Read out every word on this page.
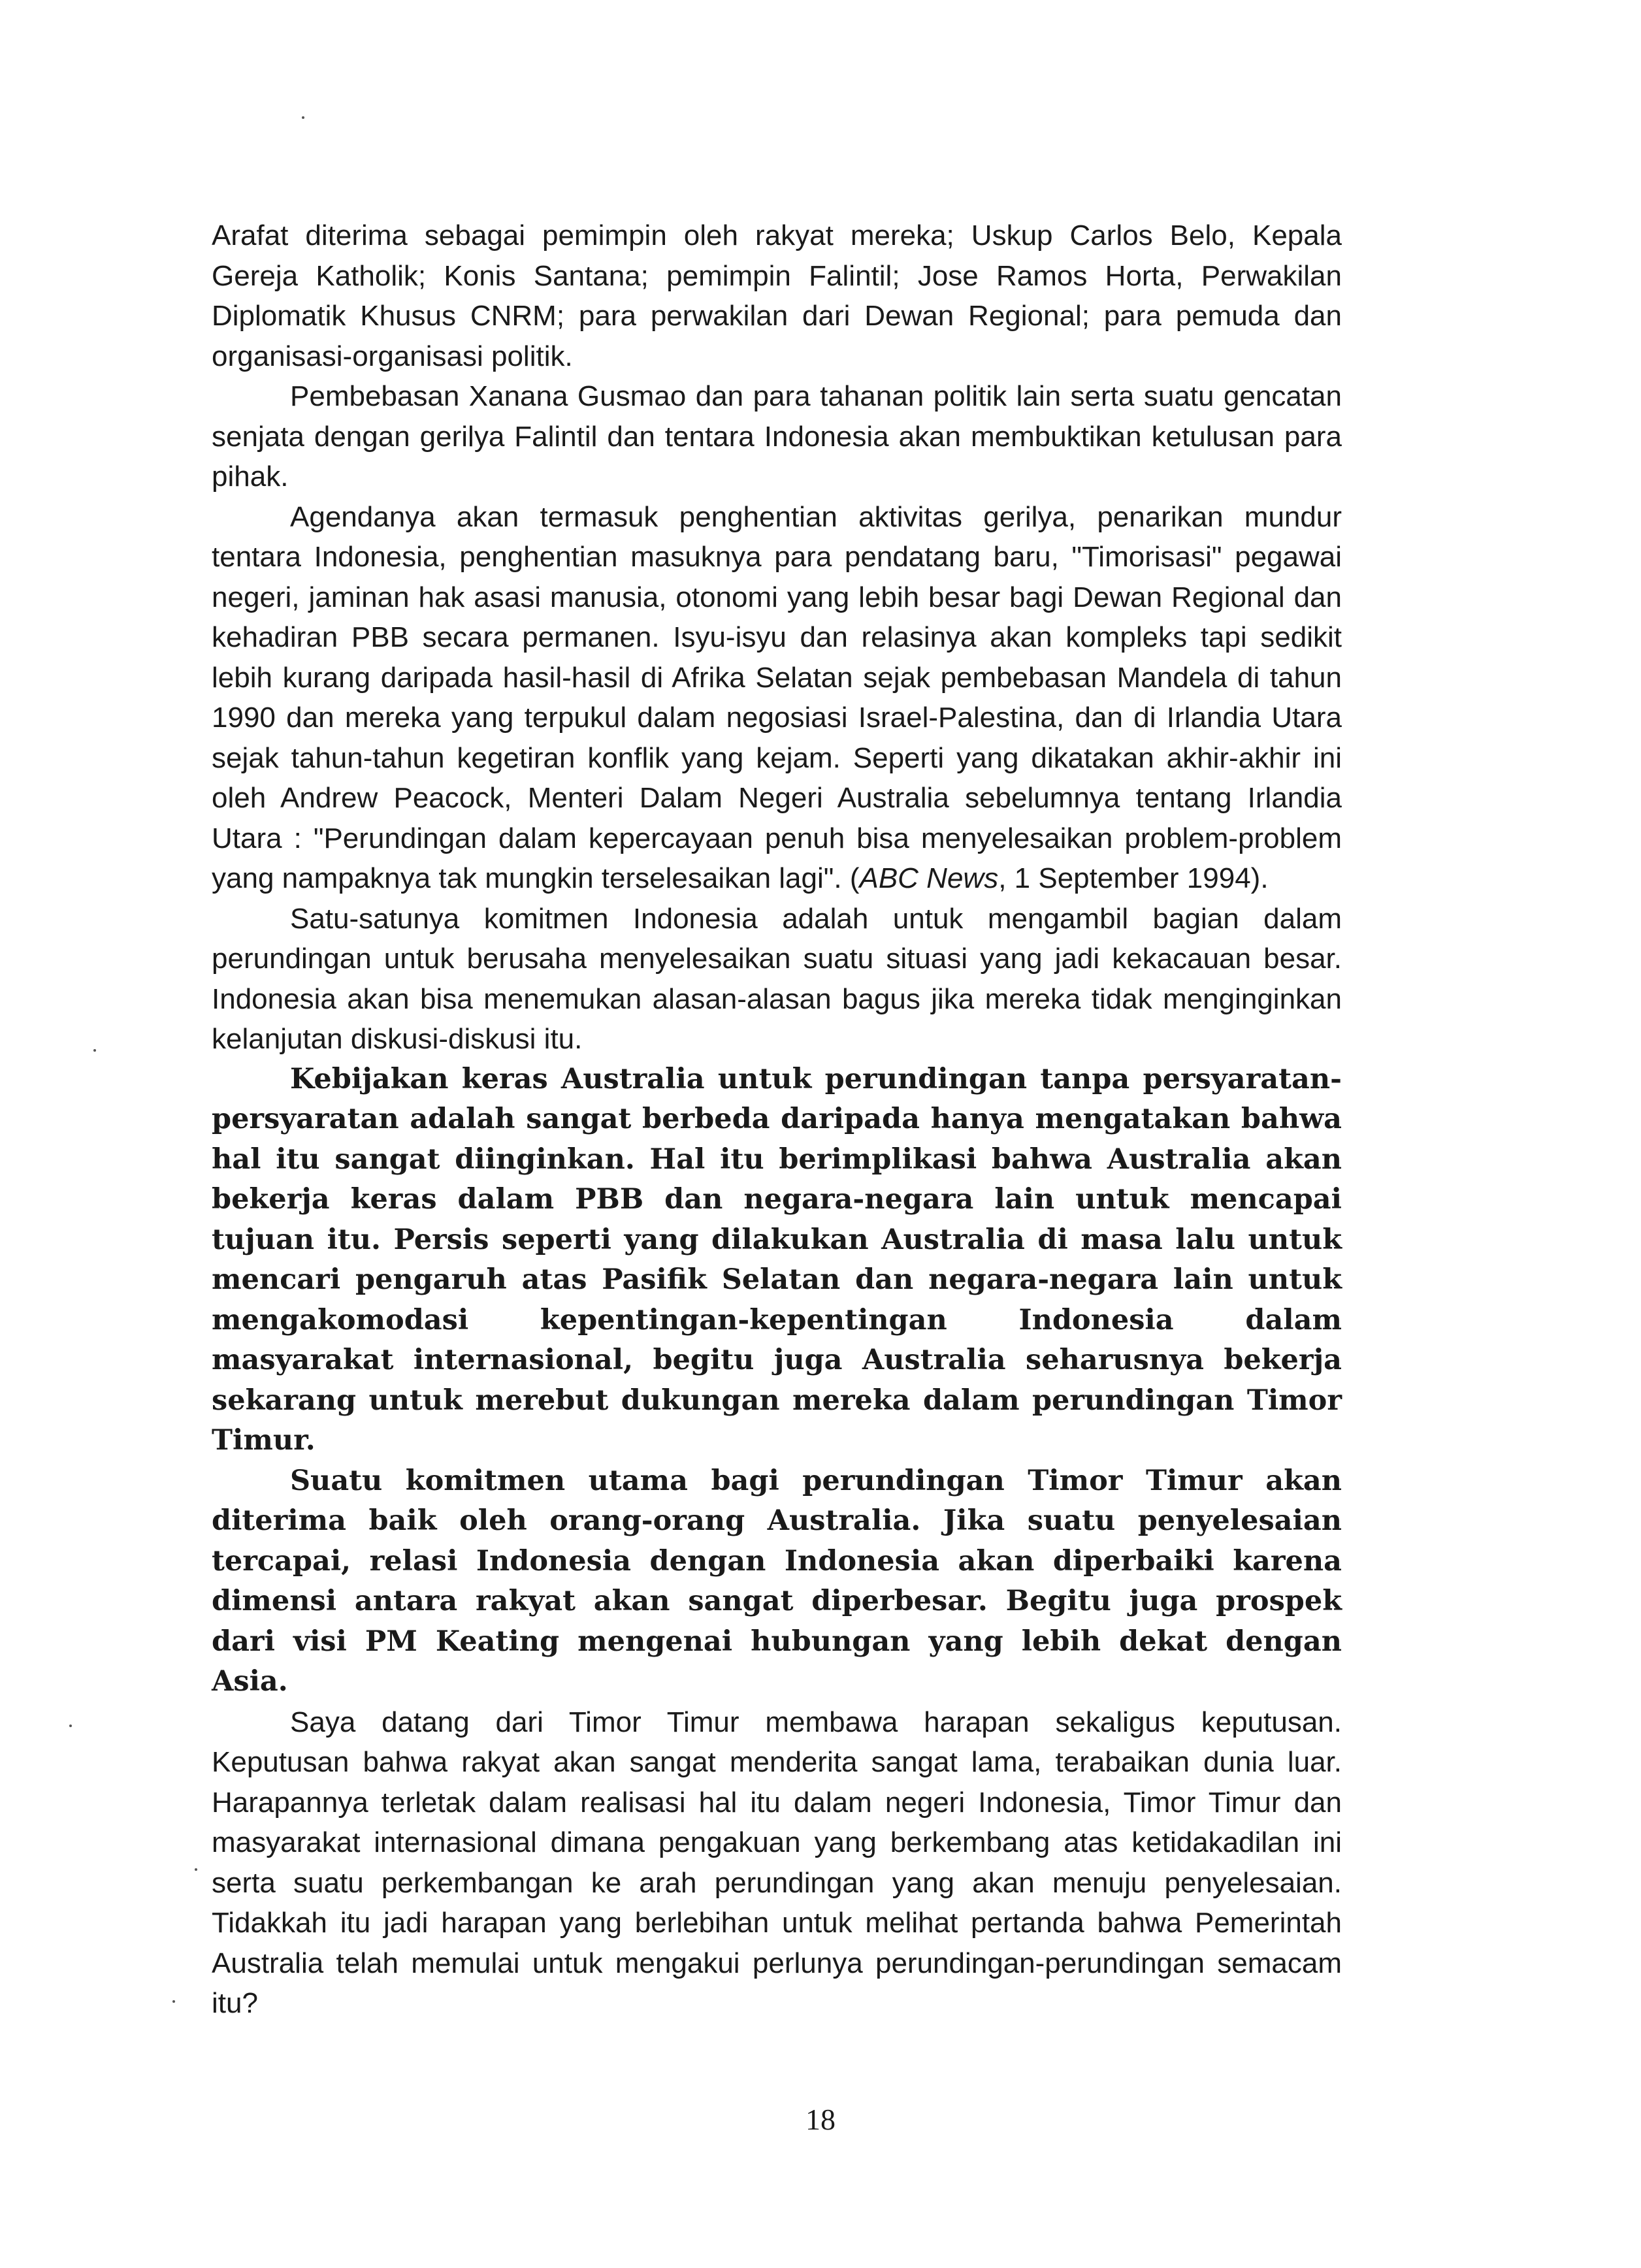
Arafat diterima sebagai pemimpin oleh rakyat mereka; Uskup Carlos Belo, Kepala Gereja Katholik; Konis Santana; pemimpin Falintil; Jose Ramos Horta, Perwakilan Diplomatik Khusus CNRM; para perwakilan dari Dewan Regional; para pemuda dan organisasi-organisasi politik.

Pembebasan Xanana Gusmao dan para tahanan politik lain serta suatu gencatan senjata dengan gerilya Falintil dan tentara Indonesia akan membuktikan ketulusan para pihak.

Agendanya akan termasuk penghentian aktivitas gerilya, penarikan mundur tentara Indonesia, penghentian masuknya para pendatang baru, "Timorisasi" pegawai negeri, jaminan hak asasi manusia, otonomi yang lebih besar bagi Dewan Regional dan kehadiran PBB secara permanen. Isyu-isyu dan relasinya akan kompleks tapi sedikit lebih kurang daripada hasil-hasil di Afrika Selatan sejak pembebasan Mandela di tahun 1990 dan mereka yang terpukul dalam negosiasi Israel-Palestina, dan di Irlandia Utara sejak tahun-tahun kegetiran konflik yang kejam. Seperti yang dikatakan akhir-akhir ini oleh Andrew Peacock, Menteri Dalam Negeri Australia sebelumnya tentang Irlandia Utara : "Perundingan dalam kepercayaan penuh bisa menyelesaikan problem-problem yang nampaknya tak mungkin terselesaikan lagi". (ABC News, 1 September 1994).

Satu-satunya komitmen Indonesia adalah untuk mengambil bagian dalam perundingan untuk berusaha menyelesaikan suatu situasi yang jadi kekacauan besar. Indonesia akan bisa menemukan alasan-alasan bagus jika mereka tidak menginginkan kelanjutan diskusi-diskusi itu.

Kebijakan keras Australia untuk perundingan tanpa persyaratan-persyaratan adalah sangat berbeda daripada hanya mengatakan bahwa hal itu sangat diinginkan. Hal itu berimplikasi bahwa Australia akan bekerja keras dalam PBB dan negara-negara lain untuk mencapai tujuan itu. Persis seperti yang dilakukan Australia di masa lalu untuk mencari pengaruh atas Pasifik Selatan dan negara-negara lain untuk mengakomodasi kepentingan-kepentingan Indonesia dalam masyarakat internasional, begitu juga Australia seharusnya bekerja sekarang untuk merebut dukungan mereka dalam perundingan Timor Timur.

Suatu komitmen utama bagi perundingan Timor Timur akan diterima baik oleh orang-orang Australia. Jika suatu penyelesaian tercapai, relasi Indonesia dengan Indonesia akan diperbaiki karena dimensi antara rakyat akan sangat diperbesar. Begitu juga prospek dari visi PM Keating mengenai hubungan yang lebih dekat dengan Asia.

Saya datang dari Timor Timur membawa harapan sekaligus keputusan. Keputusan bahwa rakyat akan sangat menderita sangat lama, terabaikan dunia luar. Harapannya terletak dalam realisasi hal itu dalam negeri Indonesia, Timor Timur dan masyarakat internasional dimana pengakuan yang berkembang atas ketidakadilan ini serta suatu perkembangan ke arah perundingan yang akan menuju penyelesaian. Tidakkah itu jadi harapan yang berlebihan untuk melihat pertanda bahwa Pemerintah Australia telah memulai untuk mengakui perlunya perundingan-perundingan semacam itu?

18
